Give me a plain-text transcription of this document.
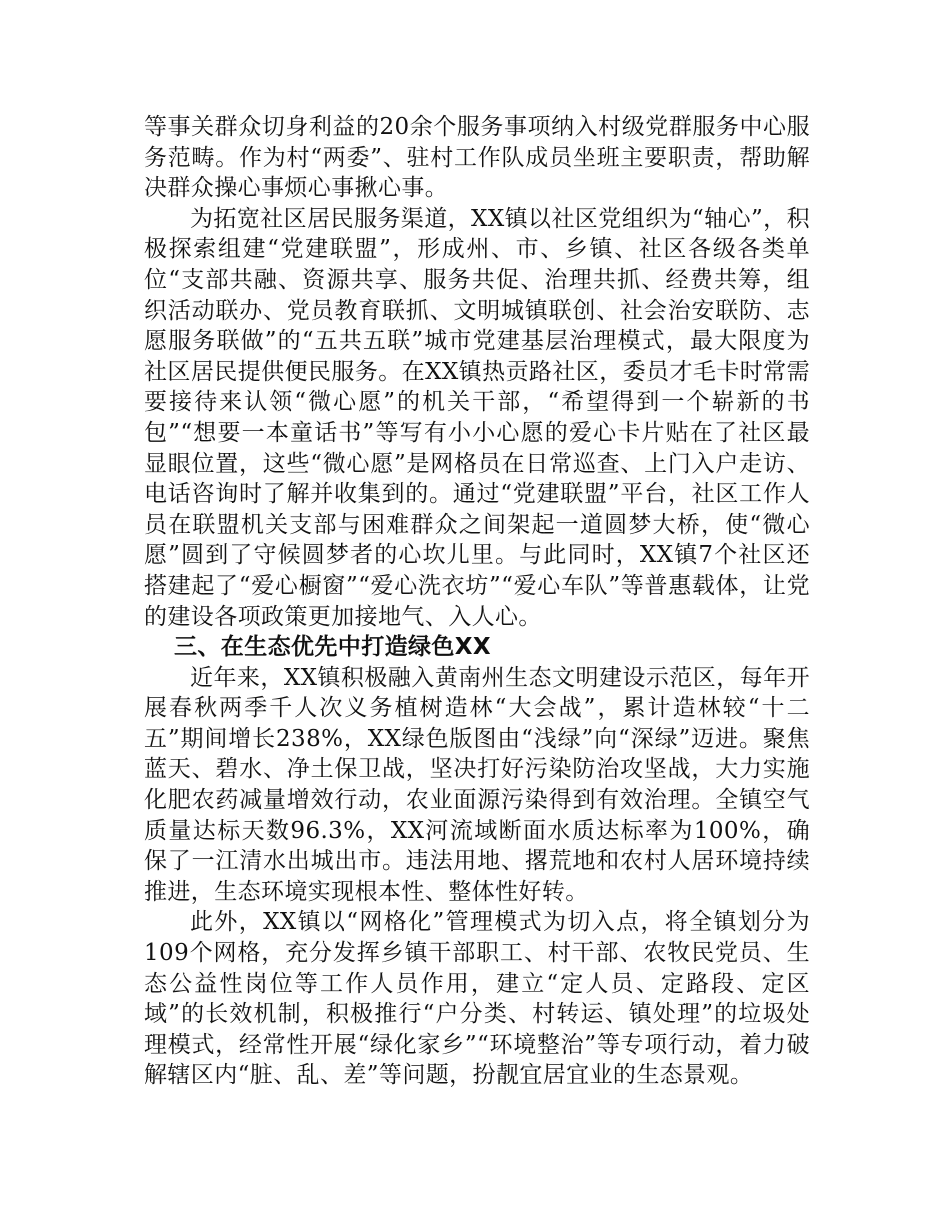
等事关群众切身利益的20余个服务事项纳入村级党群服务中心服务范畴。作为村“两委”、驻村工作队成员坐班主要职责，帮助解决群众操心事烦心事揪心事。

为拓宽社区居民服务渠道，XX镇以社区党组织为“轴心”，积极探索组建“党建联盟”，形成州、市、乡镇、社区各级各类单位“支部共融、资源共享、服务共促、治理共抓、经费共筹，组织活动联办、党员教育联抓、文明城镇联创、社会治安联防、志愿服务联做”的“五共五联”城市党建基层治理模式，最大限度为社区居民提供便民服务。在XX镇热贡路社区，委员才毛卡时常需要接待来认领“微心愿”的机关干部，“希望得到一个崭新的书包”“想要一本童话书”等写有小小心愿的爱心卡片贴在了社区最显眼位置，这些“微心愿”是网格员在日常巡查、上门入户走访、电话咨询时了解并收集到的。通过“党建联盟”平台，社区工作人员在联盟机关支部与困难群众之间架起一道圆梦大桥，使“微心愿”圆到了守候圆梦者的心坎儿里。与此同时，XX镇7个社区还搭建起了“爱心橱窗”“爱心洗衣坊”“爱心车队”等普惠载体，让党的建设各项政策更加接地气、入人心。

三、在生态优先中打造绿色XX

近年来，XX镇积极融入黄南州生态文明建设示范区，每年开展春秋两季千人次义务植树造林“大会战”，累计造林较“十二五”期间增长238%，XX绿色版图由“浅绿”向“深绿”迈进。聚焦蓝天、碧水、净土保卫战，坚决打好污染防治攻坚战，大力实施化肥农药减量增效行动，农业面源污染得到有效治理。全镇空气质量达标天数96.3%，XX河流域断面水质达标率为100%，确保了一江清水出城出市。违法用地、撂荒地和农村人居环境持续推进，生态环境实现根本性、整体性好转。

此外，XX镇以“网格化”管理模式为切入点，将全镇划分为109个网格，充分发挥乡镇干部职工、村干部、农牧民党员、生态公益性岗位等工作人员作用，建立“定人员、定路段、定区域”的长效机制，积极推行“户分类、村转运、镇处理”的垃圾处理模式，经常性开展“绿化家乡”“环境整治”等专项行动，着力破解辖区内“脏、乱、差”等问题，扮靓宜居宜业的生态景观。
